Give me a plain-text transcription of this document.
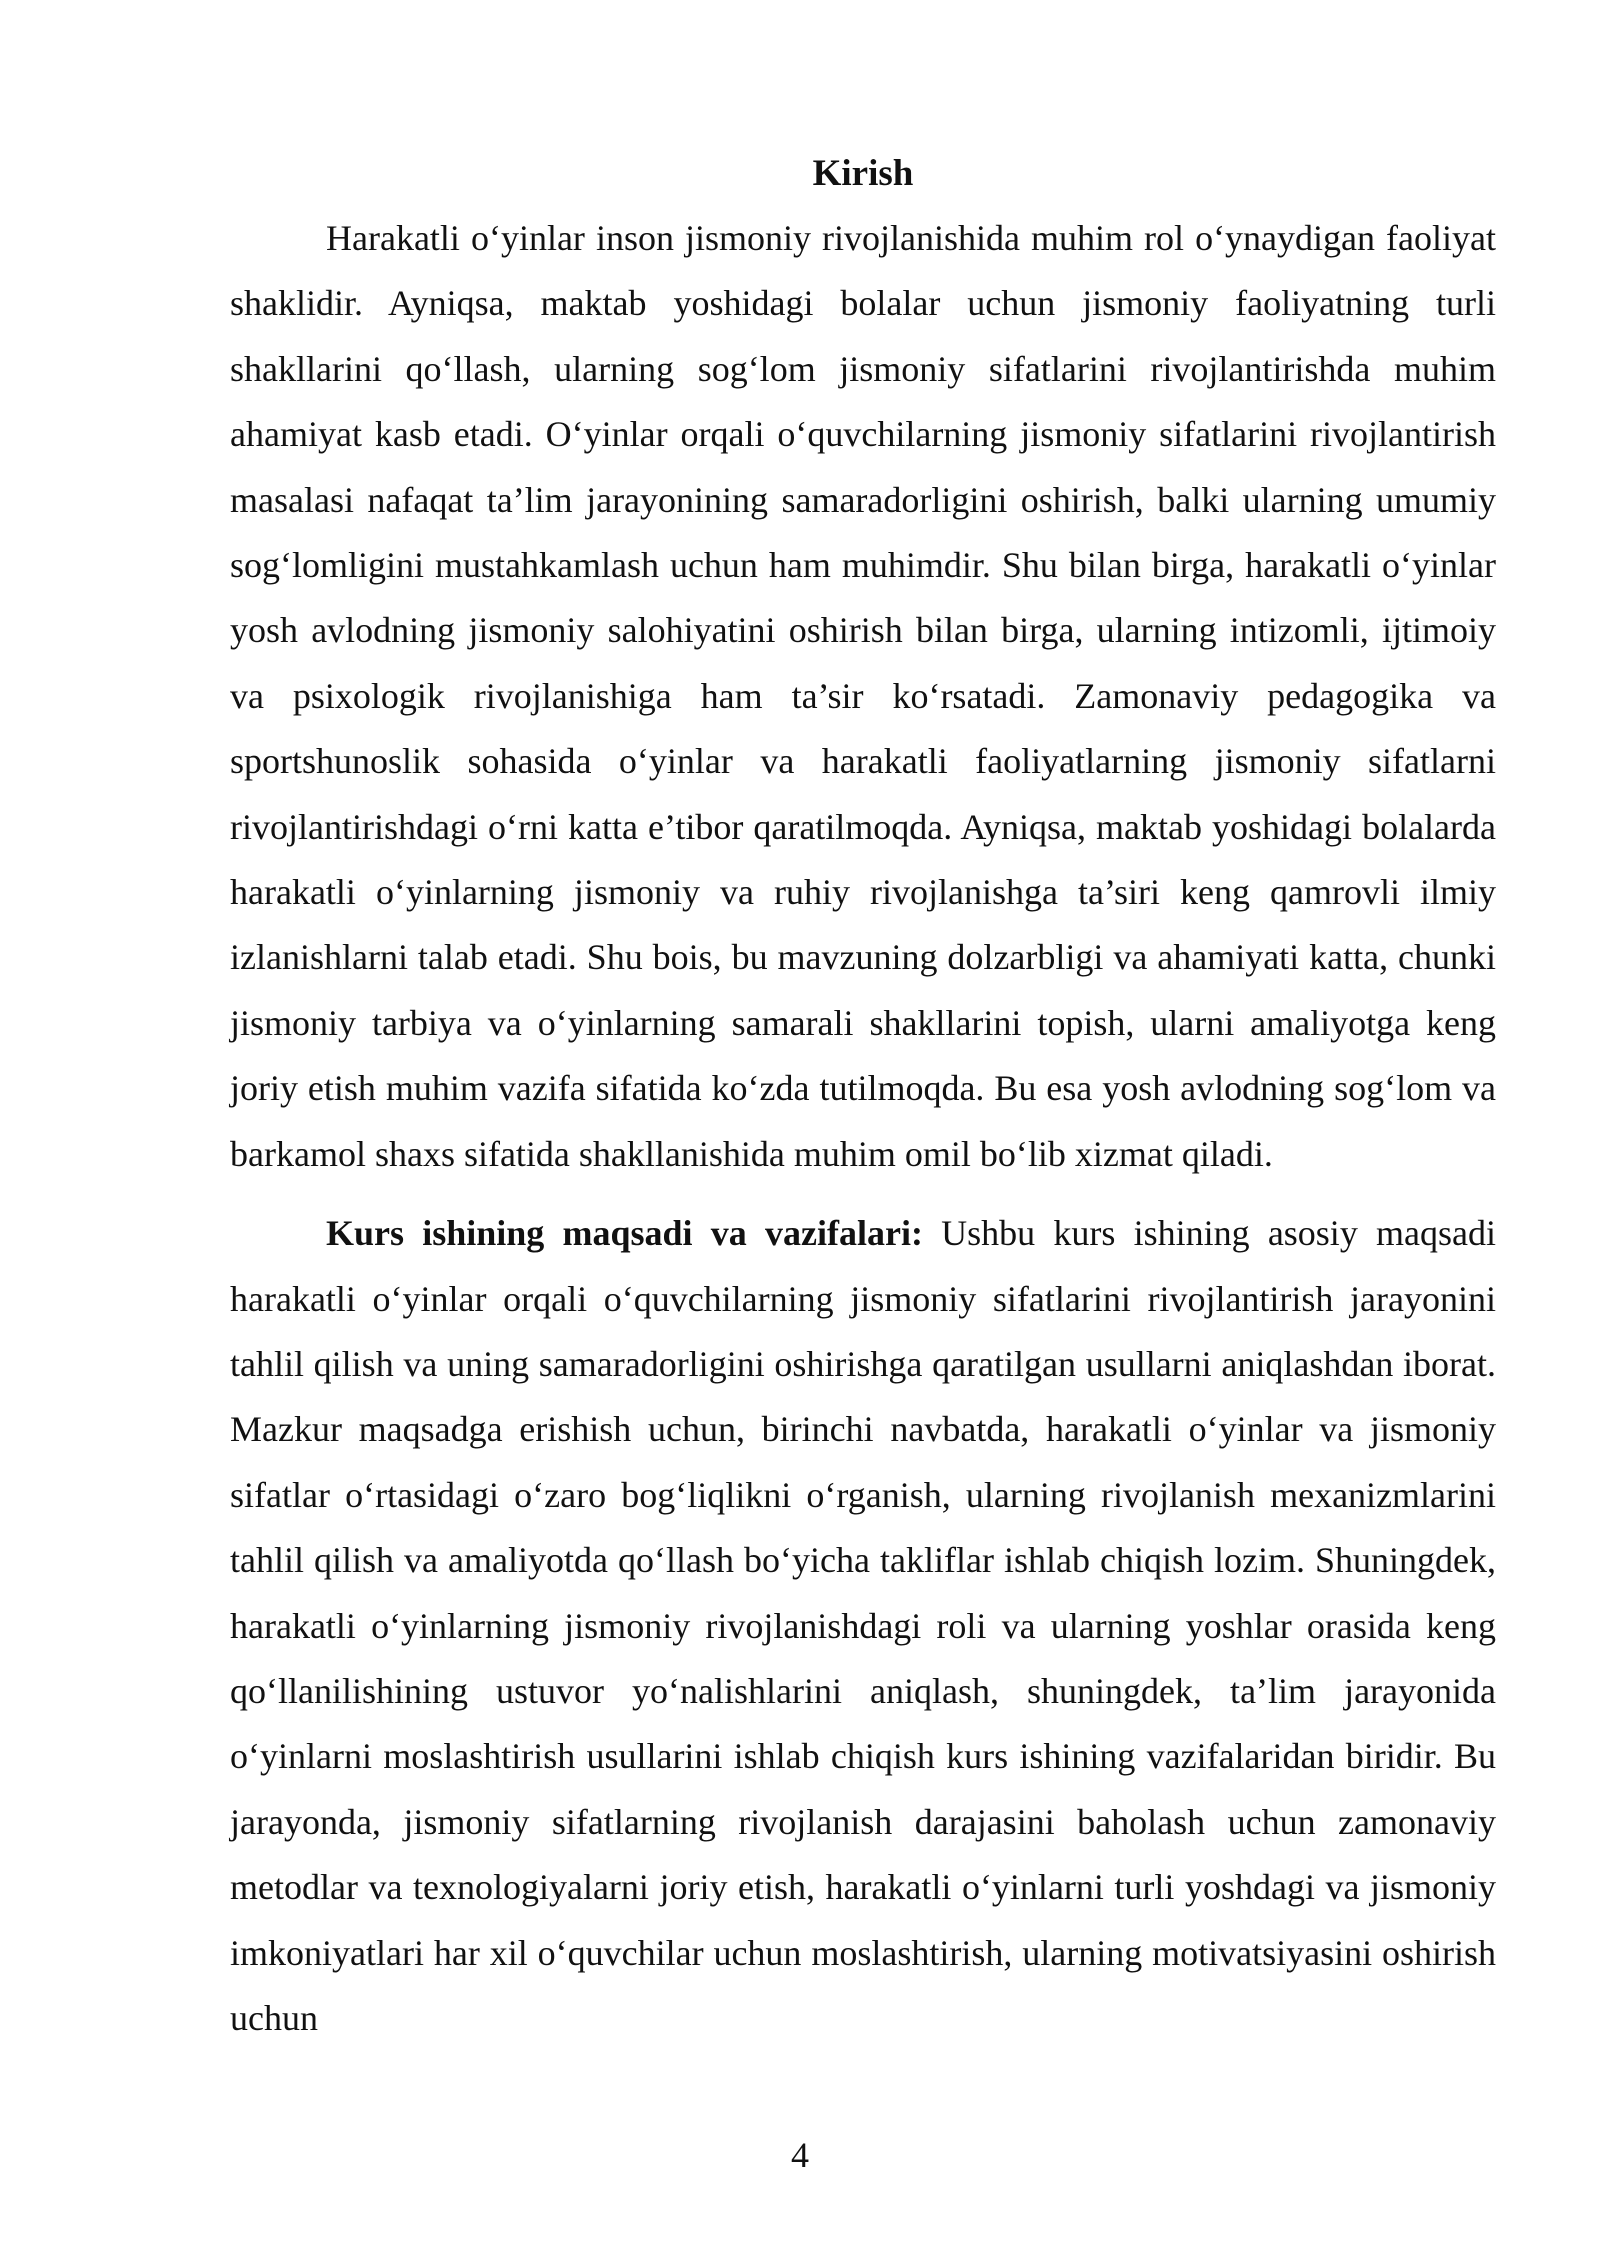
Kirish

Harakatli o‘yinlar inson jismoniy rivojlanishida muhim rol o‘ynaydigan faoliyat shaklidir. Ayniqsa, maktab yoshidagi bolalar uchun jismoniy faoliyatning turli shakllarini qo‘llash, ularning sog‘lom jismoniy sifatlarini rivojlantirishda muhim ahamiyat kasb etadi. O‘yinlar orqali o‘quvchilarning jismoniy sifatlarini rivojlantirish masalasi nafaqat ta’lim jarayonining samaradorligini oshirish, balki ularning umumiy sog‘lomligini mustahkamlash uchun ham muhimdir. Shu bilan birga, harakatli o‘yinlar yosh avlodning jismoniy salohiyatini oshirish bilan birga, ularning intizomli, ijtimoiy va psixologik rivojlanishiga ham ta’sir ko‘rsatadi. Zamonaviy pedagogika va sportshunoslik sohasida o‘yinlar va harakatli faoliyatlarning jismoniy sifatlarni rivojlantirishdagi o‘rni katta e’tibor qaratilmoqda. Ayniqsa, maktab yoshidagi bolalarda harakatli o‘yinlarning jismoniy va ruhiy rivojlanishga ta’siri keng qamrovli ilmiy izlanishlarni talab etadi. Shu bois, bu mavzuning dolzarbligi va ahamiyati katta, chunki jismoniy tarbiya va o‘yinlarning samarali shakllarini topish, ularni amaliyotga keng joriy etish muhim vazifa sifatida ko‘zda tutilmoqda. Bu esa yosh avlodning sog‘lom va barkamol shaxs sifatida shakllanishida muhim omil bo‘lib xizmat qiladi.

Kurs ishining maqsadi va vazifalari: Ushbu kurs ishining asosiy maqsadi harakatli o‘yinlar orqali o‘quvchilarning jismoniy sifatlarini rivojlantirish jarayonini tahlil qilish va uning samaradorligini oshirishga qaratilgan usullarni aniqlashdan iborat. Mazkur maqsadga erishish uchun, birinchi navbatda, harakatli o‘yinlar va jismoniy sifatlar o‘rtasidagi o‘zaro bog‘liqlikni o‘rganish, ularning rivojlanish mexanizmlarini tahlil qilish va amaliyotda qo‘llash bo‘yicha takliflar ishlab chiqish lozim. Shuningdek, harakatli o‘yinlarning jismoniy rivojlanishdagi roli va ularning yoshlar orasida keng qo‘llanilishining ustuvor yo‘nalishlarini aniqlash, shuningdek, ta’lim jarayonida o‘yinlarni moslashtirish usullarini ishlab chiqish kurs ishining vazifalaridan biridir. Bu jarayonda, jismoniy sifatlarning rivojlanish darajasini baholash uchun zamonaviy metodlar va texnologiyalarni joriy etish, harakatli o‘yinlarni turli yoshdagi va jismoniy imkoniyatlari har xil o‘quvchilar uchun moslashtirish, ularning motivatsiyasini oshirish uchun

4
